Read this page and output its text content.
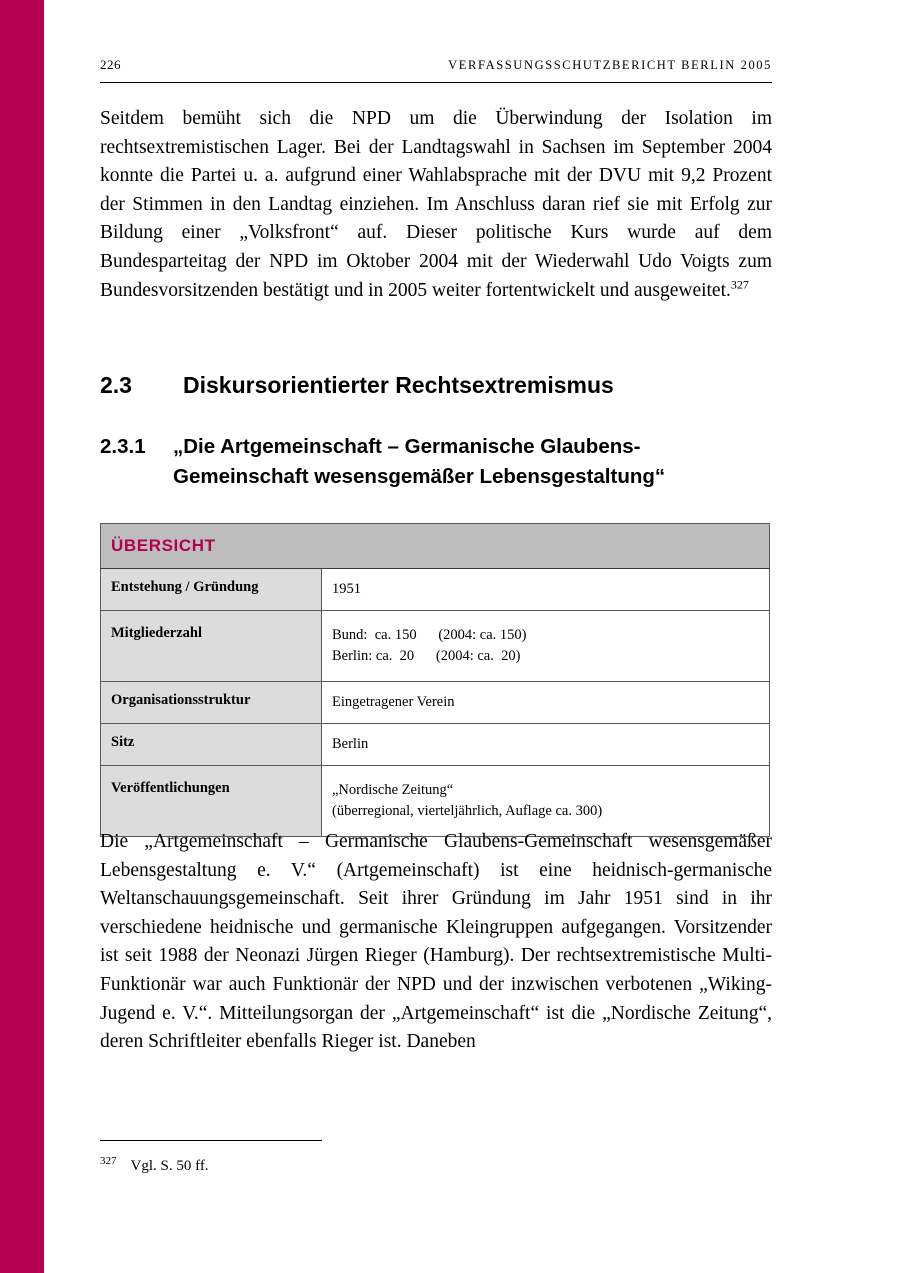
226	VERFASSUNGSSCHUTZBERICHT BERLIN 2005
Seitdem bemüht sich die NPD um die Überwindung der Isolation im rechtsextremistischen Lager. Bei der Landtagswahl in Sachsen im September 2004 konnte die Partei u. a. aufgrund einer Wahlabsprache mit der DVU mit 9,2 Prozent der Stimmen in den Landtag einziehen. Im Anschluss daran rief sie mit Erfolg zur Bildung einer „Volksfront“ auf. Dieser politische Kurs wurde auf dem Bundesparteitag der NPD im Oktober 2004 mit der Wiederwahl Udo Voigts zum Bundesvorsitzenden bestätigt und in 2005 weiter fortentwickelt und ausgeweitet.$^{327}$
2.3	Diskursorientierter Rechtsextremismus
2.3.1	„Die Artgemeinschaft – Germanische Glaubens-
Gemeinschaft wesensgemäßer Lebensgestaltung“
ÜBERSICHT	
Entstehung / Gründung	1951
Mitgliederzahl	Bund:  ca. 150      (2004: ca. 150)
Berlin: ca.  20      (2004: ca.  20)

Organisationsstruktur	Eingetragener Verein
Sitz	Berlin
Veröffentlichungen	„Nordische Zeitung“
(überregional, vierteljährlich, Auflage ca. 300)
Die „Artgemeinschaft – Germanische Glaubens-Gemeinschaft wesensgemäßer Lebensgestaltung e. V.“ (Artgemeinschaft) ist eine heidnisch-germanische Weltanschauungsgemeinschaft. Seit ihrer Gründung im Jahr 1951 sind in ihr verschiedene heidnische und germanische Kleingruppen aufgegangen. Vorsitzender ist seit 1988 der Neonazi Jürgen Rieger (Hamburg). Der rechtsextremistische Multi-Funktionär war auch Funktionär der NPD und der inzwischen verbotenen „Wiking-Jugend e. V.“. Mitteilungsorgan der „Artgemeinschaft“ ist die „Nordische Zeitung“, deren Schriftleiter ebenfalls Rieger ist. Daneben
$^{327}$ Vgl. S. 50 ff.
